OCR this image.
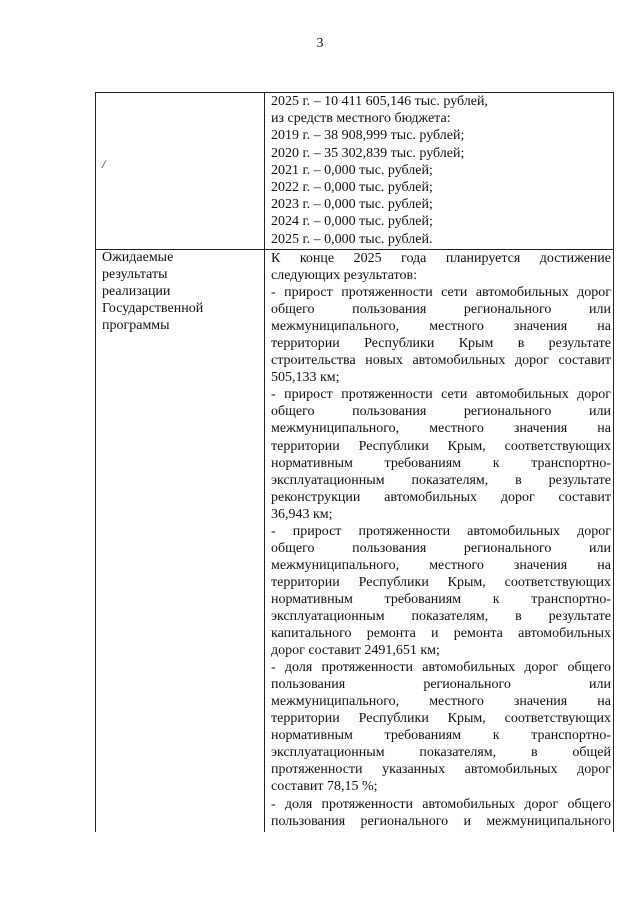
3
/
2025 г. – 10 411 605,146 тыс. рублей,
из средств местного бюджета:
2019 г. – 38 908,999 тыс. рублей;
2020 г. – 35 302,839 тыс. рублей;
2021 г. – 0,000 тыс. рублей;
2022 г. – 0,000 тыс. рублей;
2023 г. – 0,000 тыс. рублей;
2024 г. – 0,000 тыс. рублей;
2025 г. – 0,000 тыс. рублей.
Ожидаемые
результаты
реализации
Государственной
программы
К конце 2025 года планируется достижение
следующих результатов:
- прирост протяженности сети автомобильных дорог
общего пользования регионального или
межмуниципального, местного значения на
территории Республики Крым в результате
строительства новых автомобильных дорог составит
505,133 км;
- прирост протяженности сети автомобильных дорог
общего пользования регионального или
межмуниципального, местного значения на
территории Республики Крым, соответствующих
нормативным требованиям к транспортно-
эксплуатационным показателям, в результате
реконструкции автомобильных дорог составит
36,943 км;
- прирост протяженности автомобильных дорог
общего пользования регионального или
межмуниципального, местного значения на
территории Республики Крым, соответствующих
нормативным требованиям к транспортно-
эксплуатационным показателям, в результате
капитального ремонта и ремонта автомобильных
дорог составит 2491,651 км;
- доля протяженности автомобильных дорог общего
пользования регионального или
межмуниципального, местного значения на
территории Республики Крым, соответствующих
нормативным требованиям к транспортно-
эксплуатационным показателям, в общей
протяженности указанных автомобильных дорог
составит 78,15 %;
- доля протяженности автомобильных дорог общего
пользования регионального и межмуниципального
